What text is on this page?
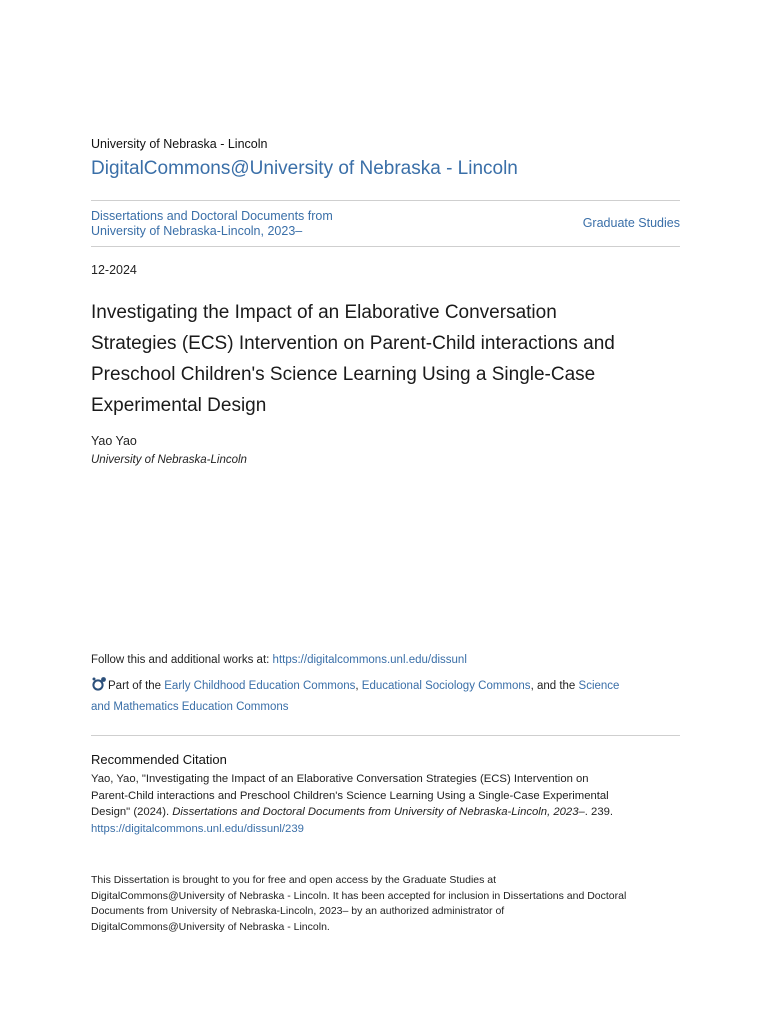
University of Nebraska - Lincoln
DigitalCommons@University of Nebraska - Lincoln
Dissertations and Doctoral Documents from
University of Nebraska-Lincoln, 2023–
Graduate Studies
12-2024
Investigating the Impact of an Elaborative Conversation
Strategies (ECS) Intervention on Parent-Child interactions and
Preschool Children's Science Learning Using a Single-Case
Experimental Design
Yao Yao
University of Nebraska-Lincoln
Follow this and additional works at: https://digitalcommons.unl.edu/dissunl
Part of the Early Childhood Education Commons, Educational Sociology Commons, and the Science
and Mathematics Education Commons
Recommended Citation
Yao, Yao, "Investigating the Impact of an Elaborative Conversation Strategies (ECS) Intervention on
Parent-Child interactions and Preschool Children's Science Learning Using a Single-Case Experimental
Design" (2024). Dissertations and Doctoral Documents from University of Nebraska-Lincoln, 2023–. 239.
https://digitalcommons.unl.edu/dissunl/239
This Dissertation is brought to you for free and open access by the Graduate Studies at
DigitalCommons@University of Nebraska - Lincoln. It has been accepted for inclusion in Dissertations and Doctoral
Documents from University of Nebraska-Lincoln, 2023– by an authorized administrator of
DigitalCommons@University of Nebraska - Lincoln.
